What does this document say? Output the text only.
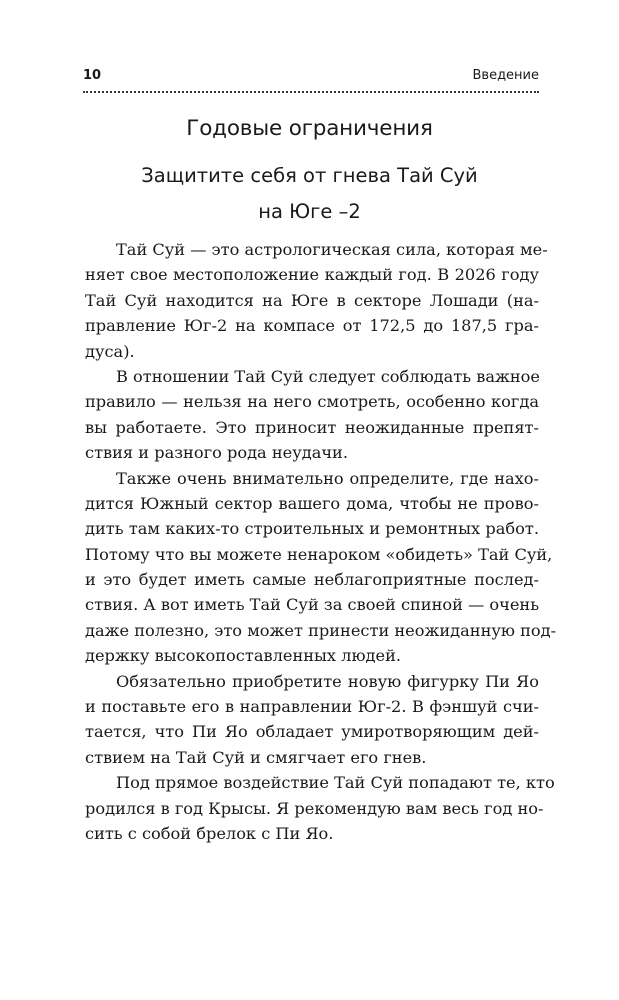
10	Введение
Годовые ограничения
Защитите себя от гнева Тай Суй
на Юге –2
Тай Суй — это астрологическая сила, которая ме-
няет свое местоположение каждый год. В 2026 году
Тай Суй находится на Юге в секторе Лошади (на-
правление Юг-2 на компасе от 172,5 до 187,5 гра-
дуса).
В отношении Тай Суй следует соблюдать важное
правило — нельзя на него смотреть, особенно когда
вы работаете. Это приносит неожиданные препят-
ствия и разного рода неудачи.
Также очень внимательно определите, где нахо-
дится Южный сектор вашего дома, чтобы не прово-
дить там каких-то строительных и ремонтных работ.
Потому что вы можете ненароком «обидеть» Тай Суй,
и это будет иметь самые неблагоприятные послед-
ствия. А вот иметь Тай Суй за своей спиной — очень
даже полезно, это может принести неожиданную под-
держку высокопоставленных людей.
Обязательно приобретите новую фигурку Пи Яо
и поставьте его в направлении Юг-2. В фэншуй счи-
тается, что Пи Яо обладает умиротворяющим дей-
ствием на Тай Суй и смягчает его гнев.
Под прямое воздействие Тай Суй попадают те, кто
родился в год Крысы. Я рекомендую вам весь год но-
сить с собой брелок с Пи Яо.
